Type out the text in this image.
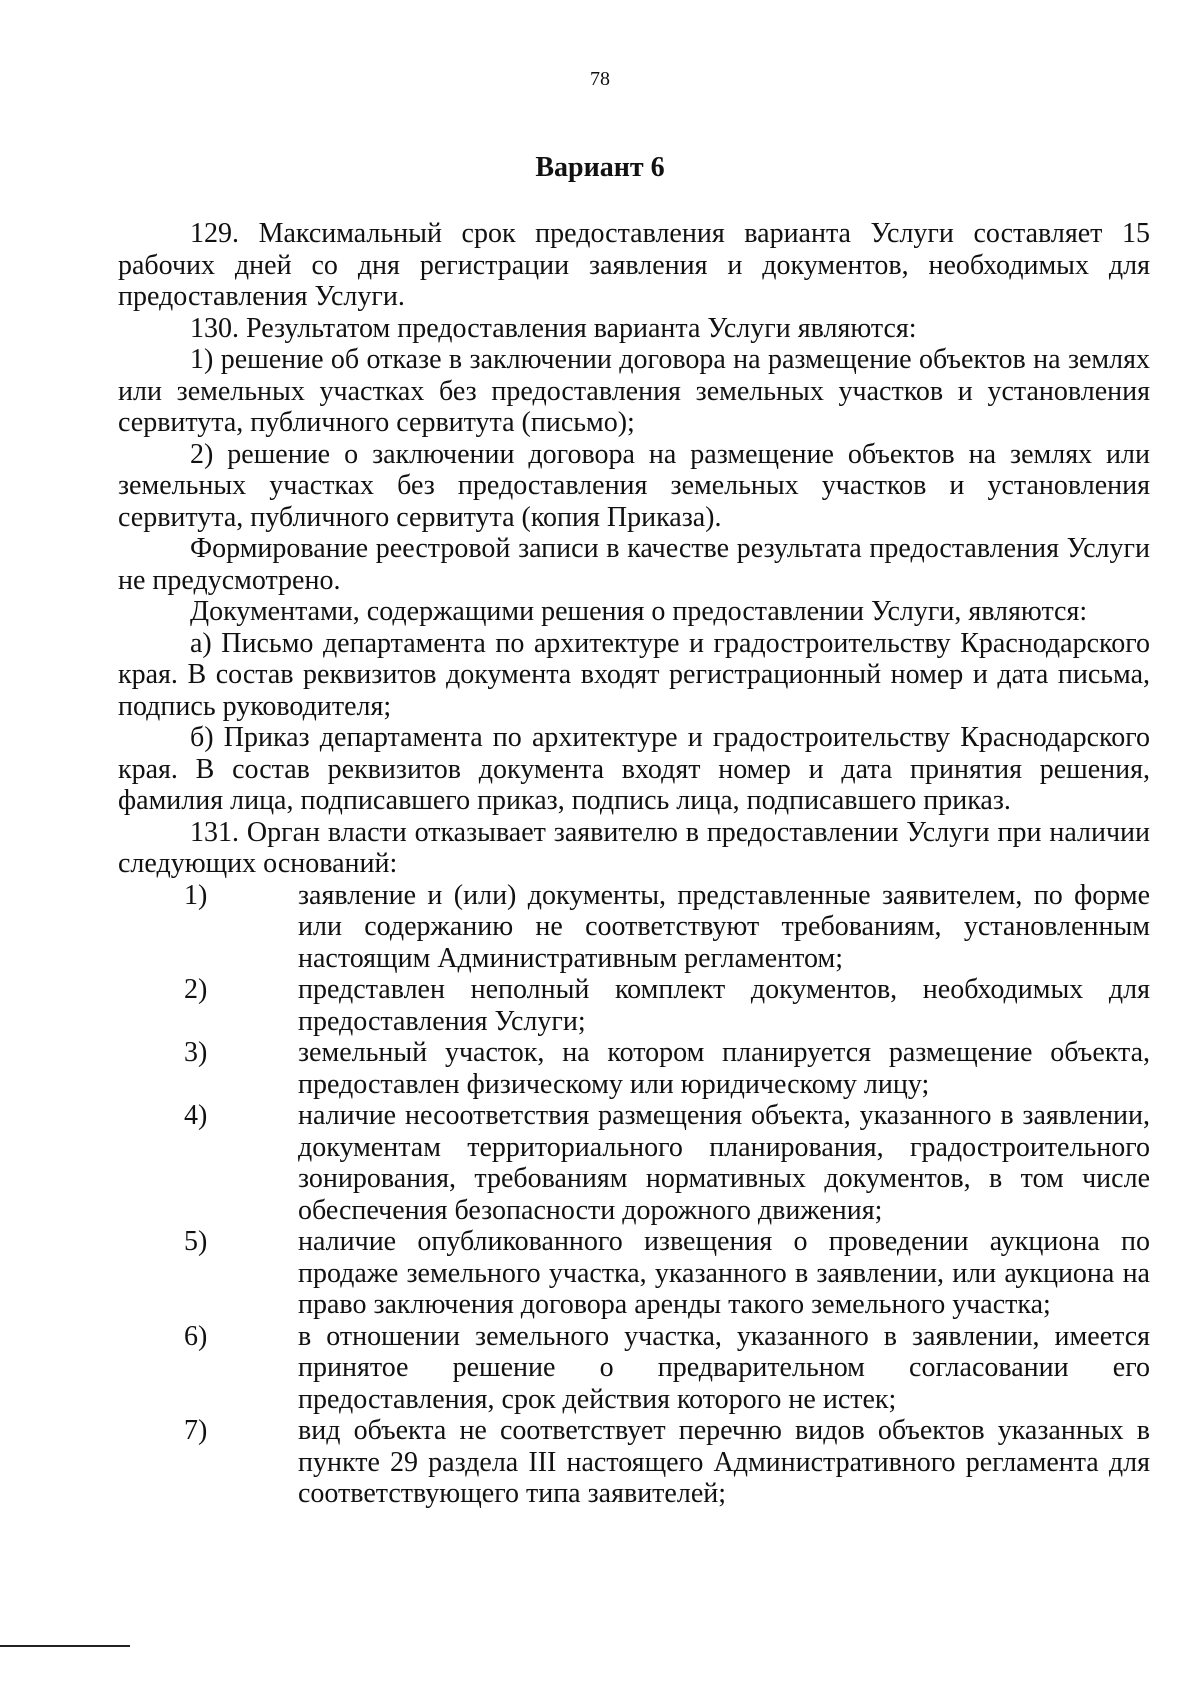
78
Вариант 6

129. Максимальный срок предоставления варианта Услуги составляет 15 рабочих дней со дня регистрации заявления и документов, необходимых для предоставления Услуги.

130. Результатом предоставления варианта Услуги являются:

1) решение об отказе в заключении договора на размещение объектов на землях или земельных участках без предоставления земельных участков и установления сервитута, публичного сервитута (письмо);

2) решение о заключении договора на размещение объектов на землях или земельных участках без предоставления земельных участков и установления сервитута, публичного сервитута (копия Приказа).

Формирование реестровой записи в качестве результата предоставления Услуги не предусмотрено.

Документами, содержащими решения о предоставлении Услуги, являются:

а) Письмо департамента по архитектуре и градостроительству Краснодарского края. В состав реквизитов документа входят регистрационный номер и дата письма, подпись руководителя;

б) Приказ департамента по архитектуре и градостроительству Краснодарского края. В состав реквизитов документа входят номер и дата принятия решения, фамилия лица, подписавшего приказ, подпись лица, подписавшего приказ.

131. Орган власти отказывает заявителю в предоставлении Услуги при наличии следующих оснований:

1)	заявление и (или) документы, представленные заявителем, по форме или содержанию не соответствуют требованиям, установленным настоящим Административным регламентом;
2)	представлен неполный комплект документов, необходимых для предоставления Услуги;
3)	земельный участок, на котором планируется размещение объекта, предоставлен физическому или юридическому лицу;
4)	наличие несоответствия размещения объекта, указанного в заявлении, документам территориального планирования, градостроительного зонирования, требованиям нормативных документов, в том числе обеспечения безопасности дорожного движения;
5)	наличие опубликованного извещения о проведении аукциона по продаже земельного участка, указанного в заявлении, или аукциона на право заключения договора аренды такого земельного участка;
6)	в отношении земельного участка, указанного в заявлении, имеется принятое решение о предварительном согласовании его предоставления, срок действия которого не истек;
7)	вид объекта не соответствует перечню видов объектов указанных в пункте 29 раздела III настоящего Административного регламента для соответствующего типа заявителей;
